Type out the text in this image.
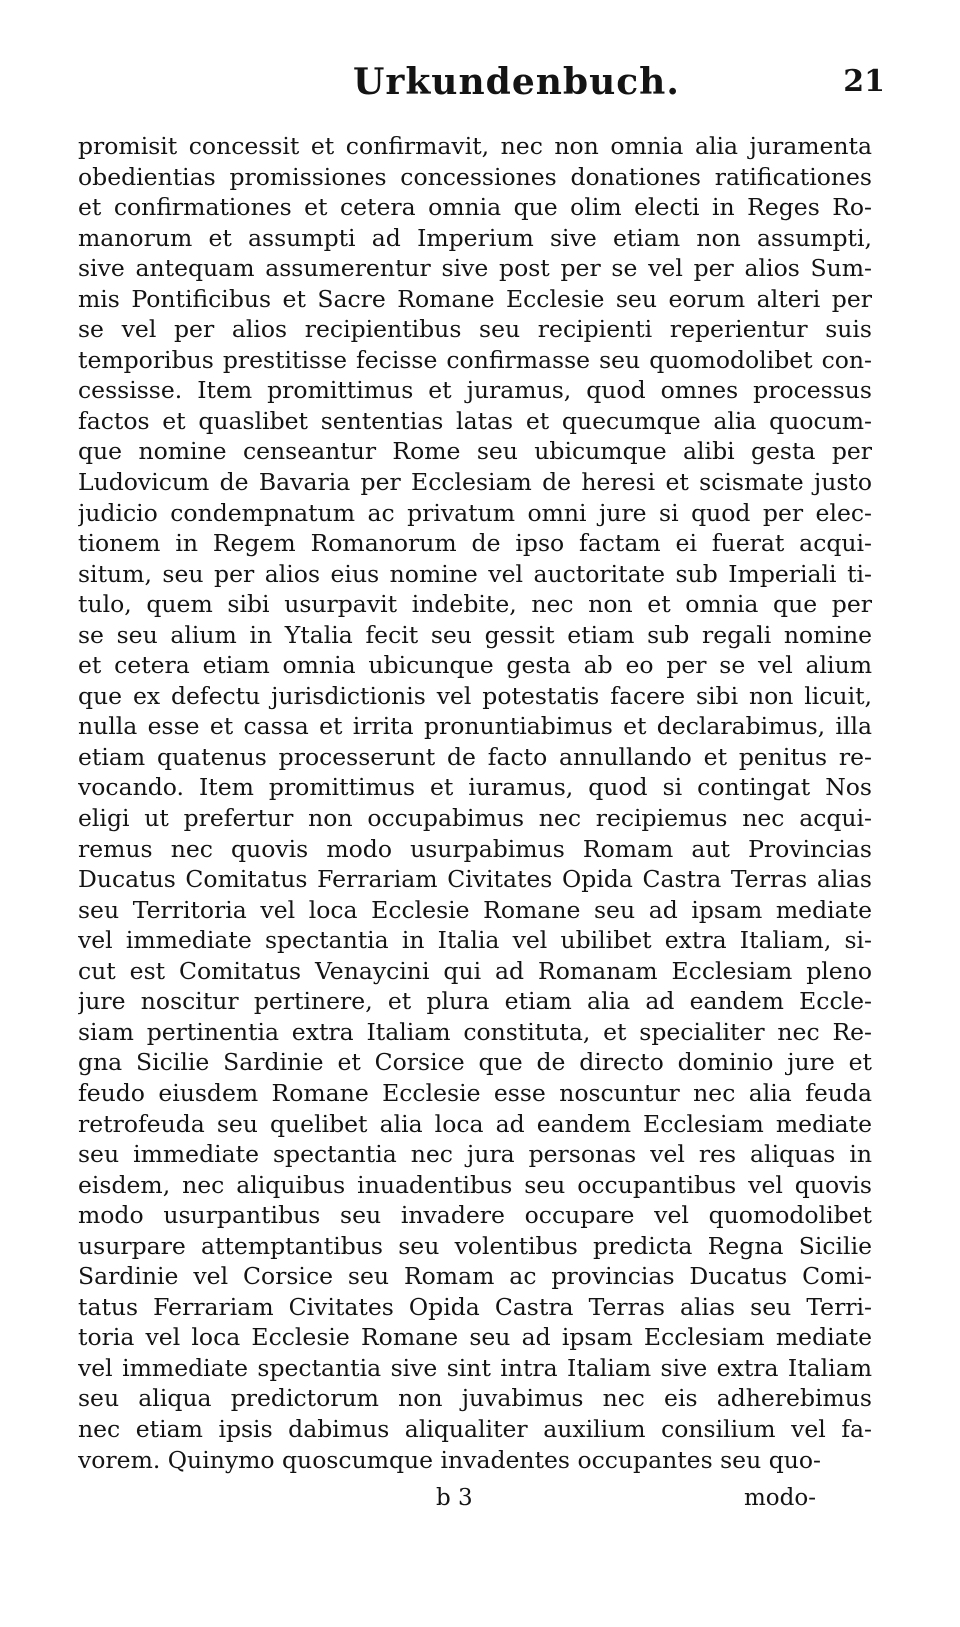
Urkundenbuch.	21
promisit concessit et confirmavit, nec non omnia alia juramenta
obedientias promissiones concessiones donationes ratificationes
et confirmationes et cetera omnia que olim electi in Reges Ro-
manorum et assumpti ad Imperium sive etiam non assumpti,
sive antequam assumerentur sive post per se vel per alios Sum-
mis Pontificibus et Sacre Romane Ecclesie seu eorum alteri per
se vel per alios recipientibus seu recipienti reperientur suis
temporibus prestitisse fecisse confirmasse seu quomodolibet con-
cessisse. Item promittimus et juramus, quod omnes processus
factos et quaslibet sententias latas et quecumque alia quocum-
que nomine censeantur Rome seu ubicumque alibi gesta per
Ludovicum de Bavaria per Ecclesiam de heresi et scismate justo
judicio condempnatum ac privatum omni jure si quod per elec-
tionem in Regem Romanorum de ipso factam ei fuerat acqui-
situm, seu per alios eius nomine vel auctoritate sub Imperiali ti-
tulo, quem sibi usurpavit indebite, nec non et omnia que per
se seu alium in Ytalia fecit seu gessit etiam sub regali nomine
et cetera etiam omnia ubicunque gesta ab eo per se vel alium
que ex defectu jurisdictionis vel potestatis facere sibi non licuit,
nulla esse et cassa et irrita pronuntiabimus et declarabimus, illa
etiam quatenus processerunt de facto annullando et penitus re-
vocando. Item promittimus et iuramus, quod si contingat Nos
eligi ut prefertur non occupabimus nec recipiemus nec acqui-
remus nec quovis modo usurpabimus Romam aut Provincias
Ducatus Comitatus Ferrariam Civitates Opida Castra Terras alias
seu Territoria vel loca Ecclesie Romane seu ad ipsam mediate
vel immediate spectantia in Italia vel ubilibet extra Italiam, si-
cut est Comitatus Venaycini qui ad Romanam Ecclesiam pleno
jure noscitur pertinere, et plura etiam alia ad eandem Eccle-
siam pertinentia extra Italiam constituta, et specialiter nec Re-
gna Sicilie Sardinie et Corsice que de directo dominio jure et
feudo eiusdem Romane Ecclesie esse noscuntur nec alia feuda
retrofeuda seu quelibet alia loca ad eandem Ecclesiam mediate
seu immediate spectantia nec jura personas vel res aliquas in
eisdem, nec aliquibus inuadentibus seu occupantibus vel quovis
modo usurpantibus seu invadere occupare vel quomodolibet
usurpare attemptantibus seu volentibus predicta Regna Sicilie
Sardinie vel Corsice seu Romam ac provincias Ducatus Comi-
tatus Ferrariam Civitates Opida Castra Terras alias seu Terri-
toria vel loca Ecclesie Romane seu ad ipsam Ecclesiam mediate
vel immediate spectantia sive sint intra Italiam sive extra Italiam
seu aliqua predictorum non juvabimus nec eis adherebimus
nec etiam ipsis dabimus aliqualiter auxilium consilium vel fa-
vorem. Quinymo quoscumque invadentes occupantes seu quo-
b 3	modo-
